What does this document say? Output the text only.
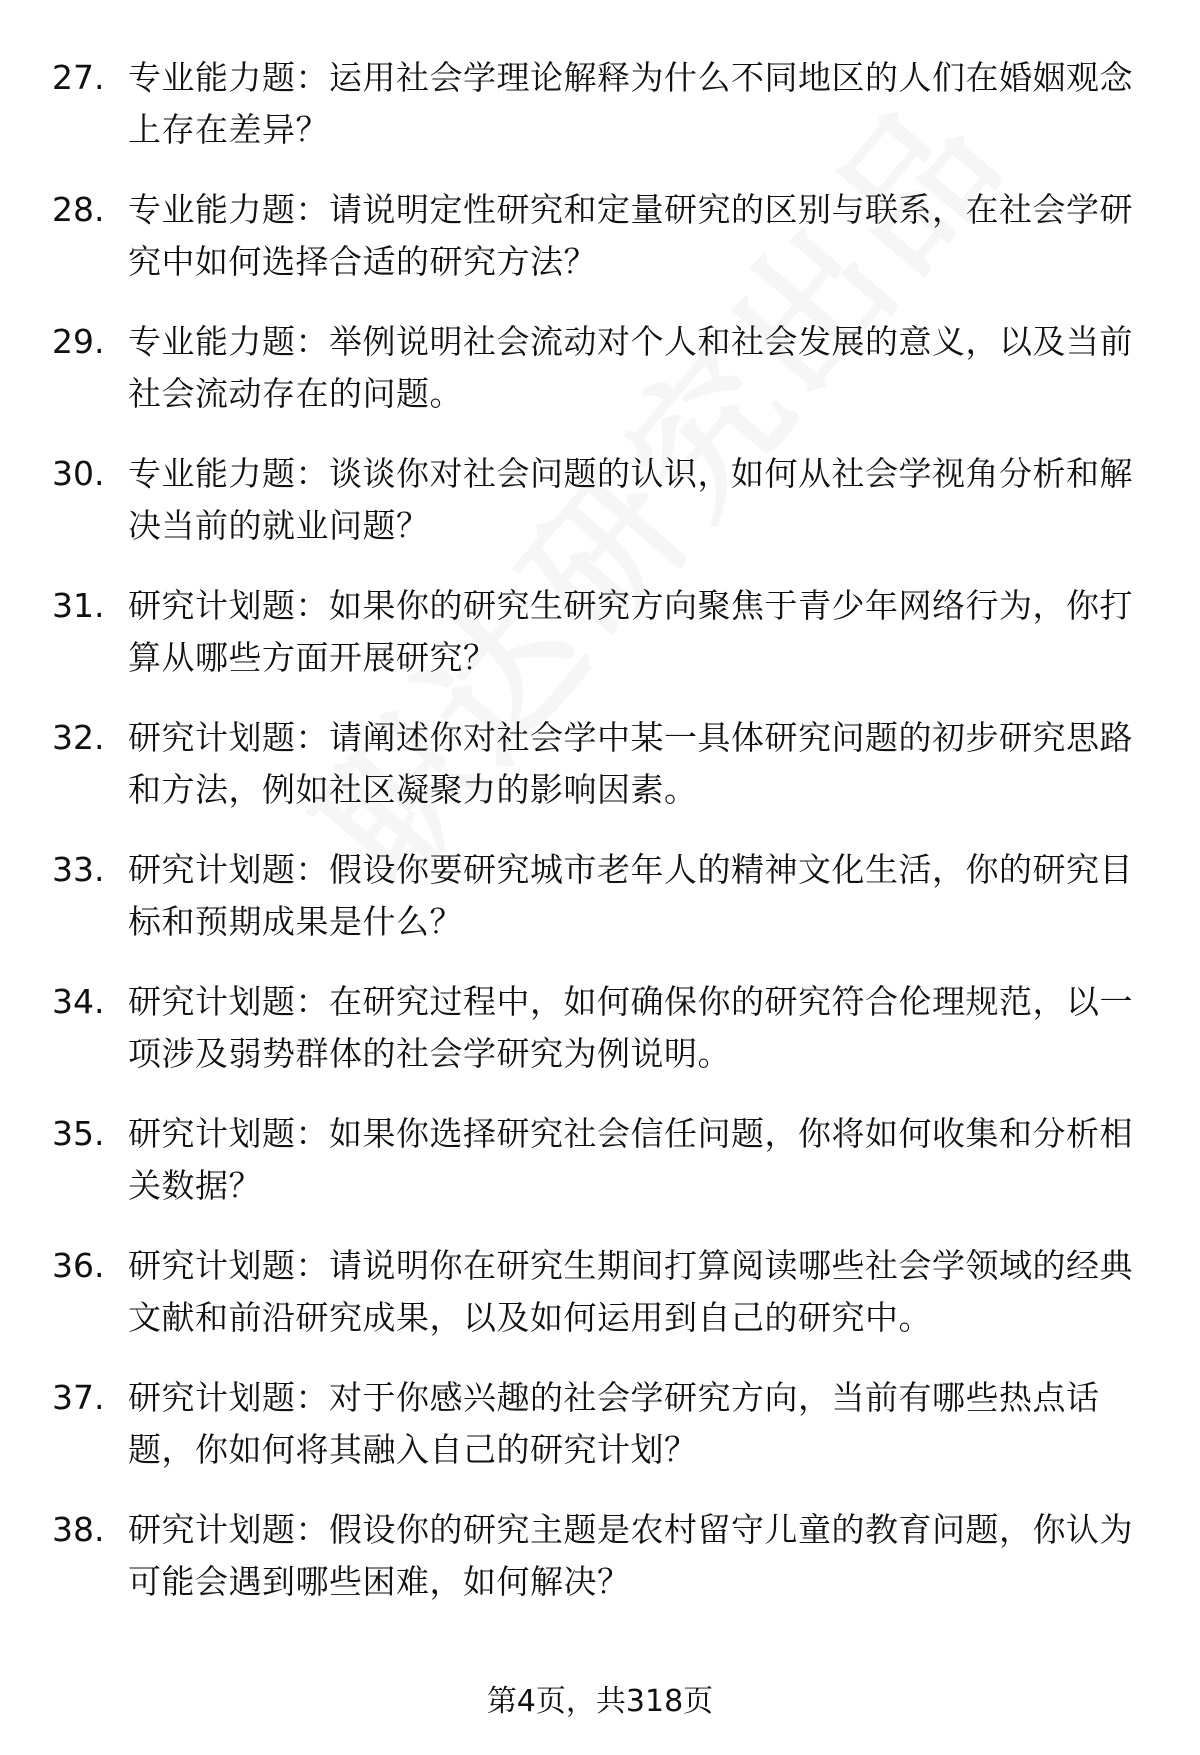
27. 专业能力题：运用社会学理论解释为什么不同地区的人们在婚姻观念上存在差异？
28. 专业能力题：请说明定性研究和定量研究的区别与联系，在社会学研究中如何选择合适的研究方法？
29. 专业能力题：举例说明社会流动对个人和社会发展的意义，以及当前社会流动存在的问题。
30. 专业能力题：谈谈你对社会问题的认识，如何从社会学视角分析和解决当前的就业问题？
31. 研究计划题：如果你的研究生研究方向聚焦于青少年网络行为，你打算从哪些方面开展研究？
32. 研究计划题：请阐述你对社会学中某一具体研究问题的初步研究思路和方法，例如社区凝聚力的影响因素。
33. 研究计划题：假设你要研究城市老年人的精神文化生活，你的研究目标和预期成果是什么？
34. 研究计划题：在研究过程中，如何确保你的研究符合伦理规范，以一项涉及弱势群体的社会学研究为例说明。
35. 研究计划题：如果你选择研究社会信任问题，你将如何收集和分析相关数据？
36. 研究计划题：请说明你在研究生期间打算阅读哪些社会学领域的经典文献和前沿研究成果，以及如何运用到自己的研究中。
37. 研究计划题：对于你感兴趣的社会学研究方向，当前有哪些热点话题，你如何将其融入自己的研究计划？
38. 研究计划题：假设你的研究主题是农村留守儿童的教育问题，你认为可能会遇到哪些困难，如何解决？
第4页，共318页
